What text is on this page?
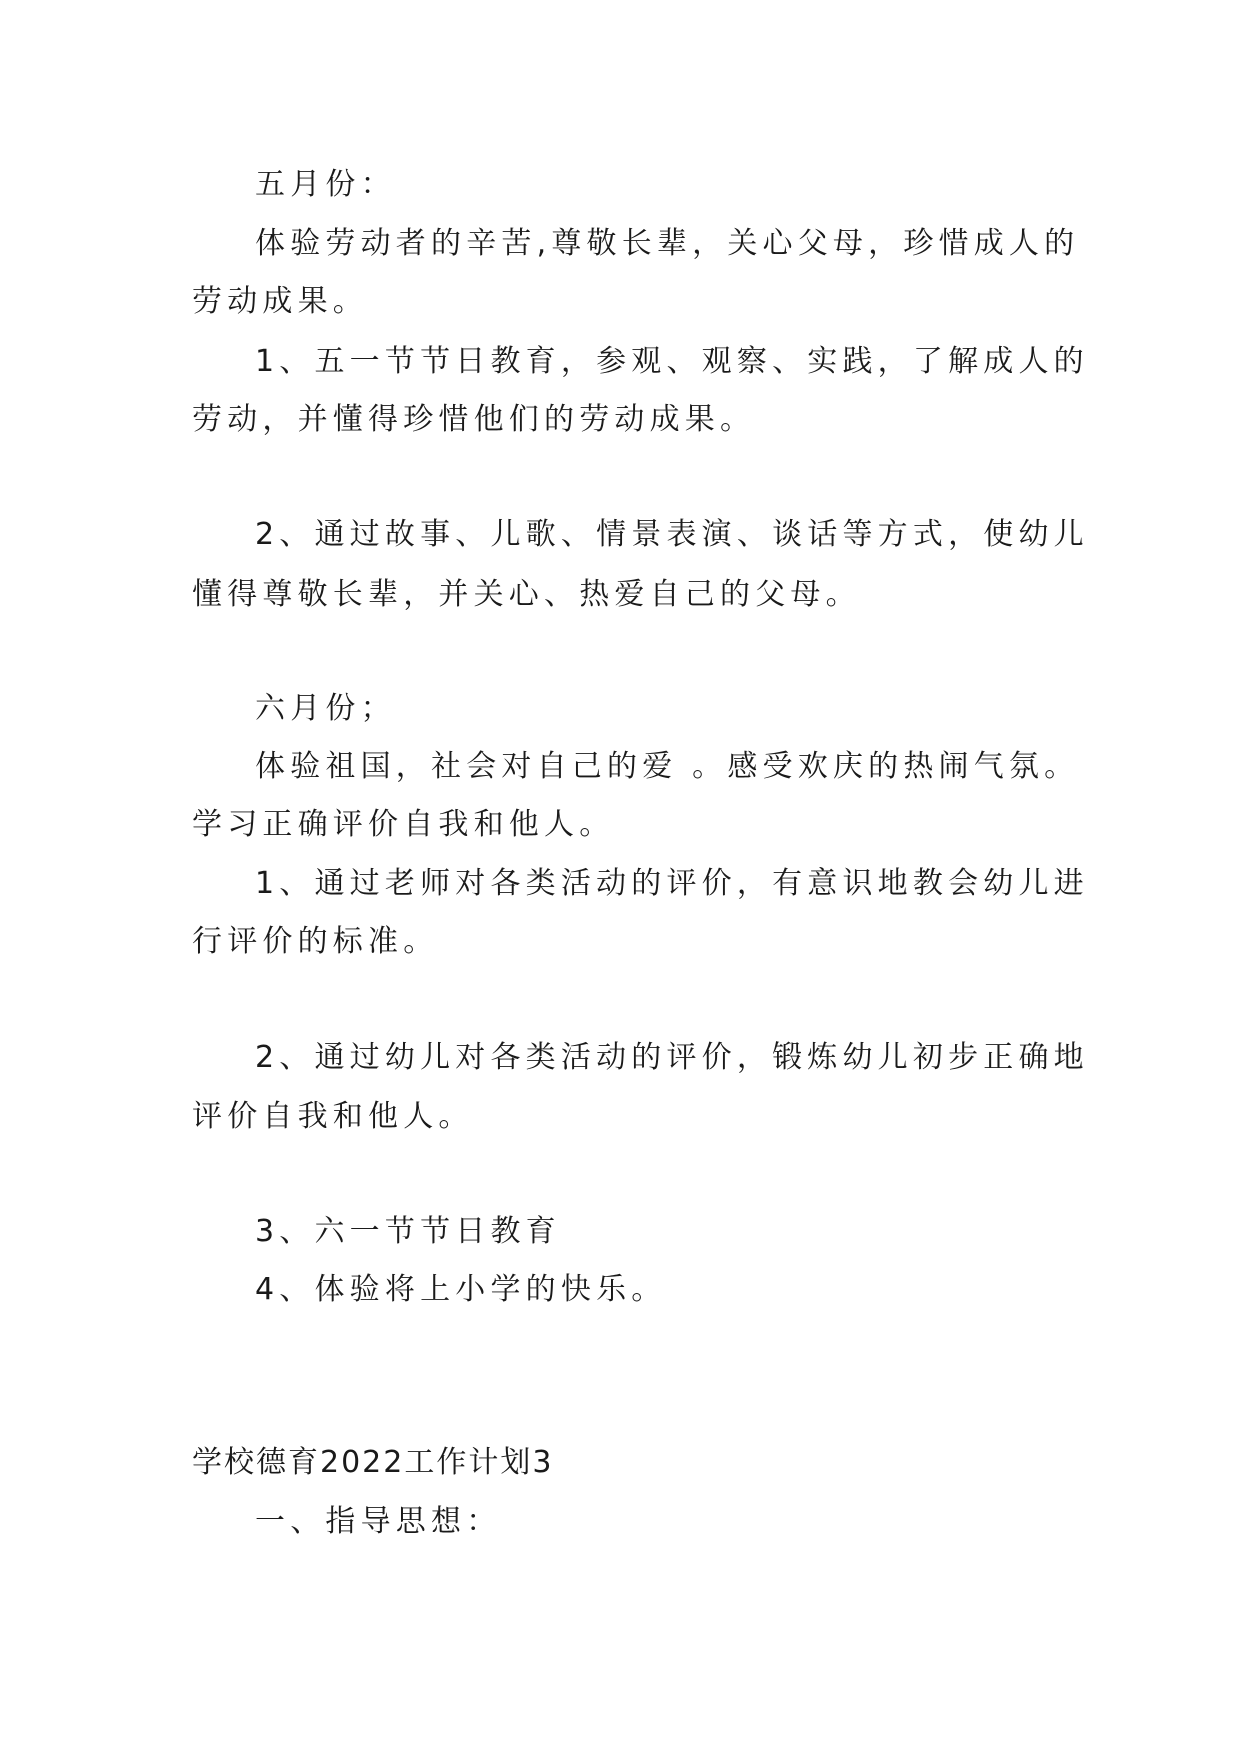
五月份：

体验劳动者的辛苦,尊敬长辈，关心父母，珍惜成人的

劳动成果。

1、五一节节日教育，参观、观察、实践，了解成人的

劳动，并懂得珍惜他们的劳动成果。

2、通过故事、儿歌、情景表演、谈话等方式，使幼儿

懂得尊敬长辈，并关心、热爱自己的父母。

六月份；

体验祖国，社会对自己的爱 。感受欢庆的热闹气氛。

学习正确评价自我和他人。

1、通过老师对各类活动的评价，有意识地教会幼儿进

行评价的标准。

2、通过幼儿对各类活动的评价，锻炼幼儿初步正确地

评价自我和他人。

3、六一节节日教育

4、体验将上小学的快乐。

学校德育2022工作计划3

一、指导思想：
